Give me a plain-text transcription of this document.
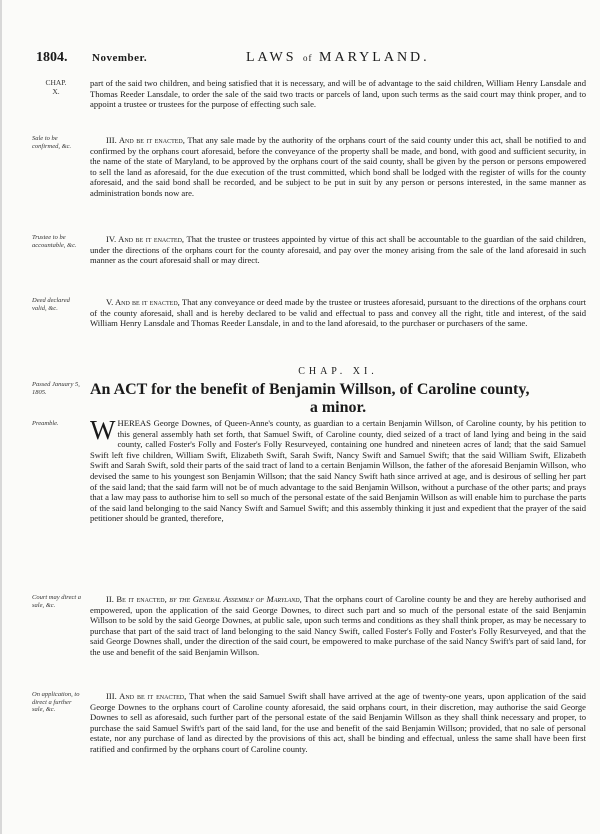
1804. November.	LAWS of MARYLAND.
CHAP.
X.
Sale to be confirmed, &c.
Trustee to be accountable, &c.
Deed declared valid, &c.
Passed January 5, 1805.
Preamble.
Court may direct a sale, &c.
On application, to direct a further sale, &c.

part of the said two children, and being satisfied that it is necessary, and will be of advantage to the said children, William Henry Lansdale and Thomas Reeder Lansdale, to order the sale of the said two tracts or parcels of land, upon such terms as the said court may think proper, and to appoint a trustee or trustees for the purpose of effecting such sale.

III. And be it enacted, That any sale made by the authority of the orphans court of the said county under this act, shall be notified to and confirmed by the orphans court aforesaid, before the conveyance of the property shall be made, and bond, with good and sufficient security, in the name of the state of Maryland, to be approved by the orphans court of the said county, shall be given by the person or persons empowered to sell the land as aforesaid, for the due execution of the trust committed, which bond shall be lodged with the register of wills for the county aforesaid, and the said bond shall be recorded, and be subject to be put in suit by any person or persons interested, in the same manner as administration bonds now are.

IV. And be it enacted, That the trustee or trustees appointed by virtue of this act shall be accountable to the guardian of the said children, under the directions of the orphans court for the county aforesaid, and pay over the money arising from the sale of the land aforesaid in such manner as the court aforesaid shall or may direct.

V. And be it enacted, That any conveyance or deed made by the trustee or trustees aforesaid, pursuant to the directions of the orphans court of the county aforesaid, shall and is hereby declared to be valid and effectual to pass and convey all the right, title and interest, of the said William Henry Lansdale and Thomas Reeder Lansdale, in and to the land aforesaid, to the purchaser or purchasers of the same.

CHAP. XI.
An ACT for the benefit of Benjamin Willson, of Caroline county,
a minor.
WHEREAS George Downes, of Queen-Anne's county, as guardian to a certain Benjamin Willson, of Caroline county, by his petition to this general assembly hath set forth, that Samuel Swift, of Caroline county, died seized of a tract of land lying and being in the said county, called Foster's Folly and Foster's Folly Resurveyed, containing one hundred and nineteen acres of land; that the said Samuel Swift left five children, William Swift, Elizabeth Swift, Sarah Swift, Nancy Swift and Samuel Swift; that the said William Swift, Elizabeth Swift and Sarah Swift, sold their parts of the said tract of land to a certain Benjamin Willson, the father of the aforesaid Benjamin Willson, who devised the same to his youngest son Benjamin Willson; that the said Nancy Swift hath since arrived at age, and is desirous of selling her part of the said land; that the said farm will not be of much advantage to the said Benjamin Willson, without a purchase of the other parts; and prays that a law may pass to authorise him to sell so much of the personal estate of the said Benjamin Willson as will enable him to purchase the parts of the said land belonging to the said Nancy Swift and Samuel Swift; and this assembly thinking it just and expedient that the prayer of the said petitioner should be granted, therefore,

II. Be it enacted, by the General Assembly of Maryland, That the orphans court of Caroline county be and they are hereby authorised and empowered, upon the application of the said George Downes, to direct such part and so much of the personal estate of the said Benjamin Willson to be sold by the said George Downes, at public sale, upon such terms and conditions as they shall think proper, as may be necessary to purchase that part of the said tract of land belonging to the said Nancy Swift, called Foster's Folly and Foster's Folly Resurveyed, and that the said George Downes shall, under the direction of the said court, be empowered to make purchase of the said Nancy Swift's part of said land, for the use and benefit of the said Benjamin Willson.

III. And be it enacted, That when the said Samuel Swift shall have arrived at the age of twenty-one years, upon application of the said George Downes to the orphans court of Caroline county aforesaid, the said orphans court, in their discretion, may authorise the said George Downes to sell as aforesaid, such further part of the personal estate of the said Benjamin Willson as they shall think necessary and proper, to purchase the said Samuel Swift's part of the said land, for the use and benefit of the said Benjamin Willson; provided, that no sale of personal estate, nor any purchase of land as directed by the provisions of this act, shall be binding and effectual, unless the same shall have been first ratified and confirmed by the orphans court of Caroline county.
